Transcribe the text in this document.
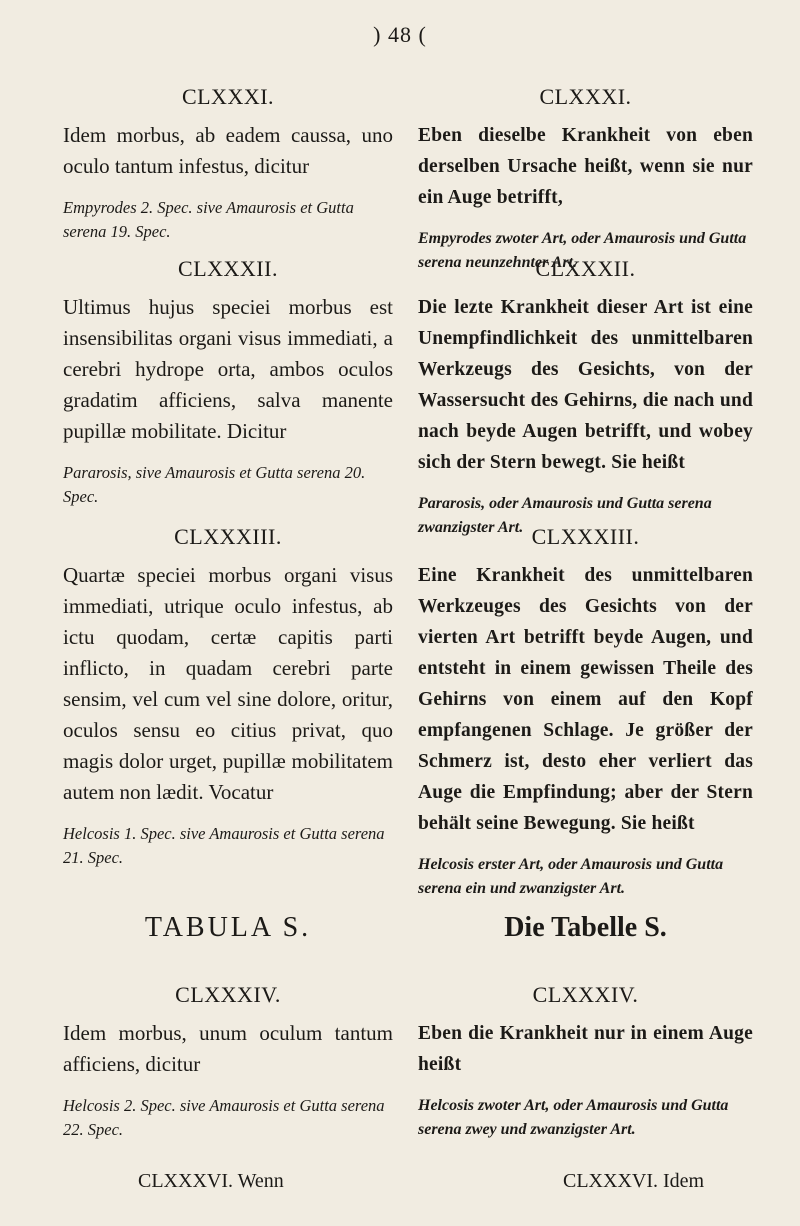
) 48 (
CLXXXI.
Idem morbus, ab eadem caussa, uno oculo tantum infestus, dicitur
Empyrodes 2. Spec. sive Amaurosis et Gutta serena 19. Spec.
CLXXXII.
Ultimus hujus speciei morbus est insensibilitas organi visus immediati, a cerebri hydrope orta, ambos oculos gradatim afficiens, salva manente pupillæ mobilitate. Dicitur
Pararosis, sive Amaurosis et Gutta serena 20. Spec.
CLXXXIII.
Quartæ speciei morbus organi visus immediati, utrique oculo infestus, ab ictu quodam, certæ capitis parti inflicto, in quadam cerebri parte sensim, vel cum vel sine dolore, oritur, oculos sensu eo citius privat, quo magis dolor urget, pupillæ mobilitatem autem non lædit. Vocatur
Helcosis 1. Spec. sive Amaurosis et Gutta serena 21. Spec.
TABULA S.
CLXXXIV.
Idem morbus, unum oculum tantum afficiens, dicitur
Helcosis 2. Spec. sive Amaurosis et Gutta serena 22. Spec.
CLXXXI.
Eben dieselbe Krankheit von eben derselben Ursache heißt, wenn sie nur ein Auge betrifft,
Empyrodes zwoter Art, oder Amaurosis und Gutta serena neunzehnter Art.
CLXXXII.
Die lezte Krankheit dieser Art ist eine Unempfindlichkeit des unmittelbaren Werkzeugs des Gesichts, von der Wassersucht des Gehirns, die nach und nach beyde Augen betrifft, und wobey sich der Stern bewegt. Sie heißt
Pararosis, oder Amaurosis und Gutta serena zwanzigster Art. CLXXXIII.
Eine Krankheit des unmittelbaren Werkzeuges des Gesichts von der vierten Art betrifft beyde Augen, und entsteht in einem gewissen Theile des Gehirns von einem auf den Kopf empfangenen Schlage. Je größer der Schmerz ist, desto eher verliert das Auge die Empfindung; aber der Stern behält seine Bewegung. Sie heißt
Helcosis erster Art, oder Amaurosis und Gutta serena ein und zwanzigster Art.
Die Tabelle S.
CLXXXIV.
Eben die Krankheit nur in einem Auge heißt
Helcosis zwoter Art, oder Amaurosis und Gutta serena zwey und zwanzigster Art.
CLXXXVI. Wenn	CLXXXVI. Idem
